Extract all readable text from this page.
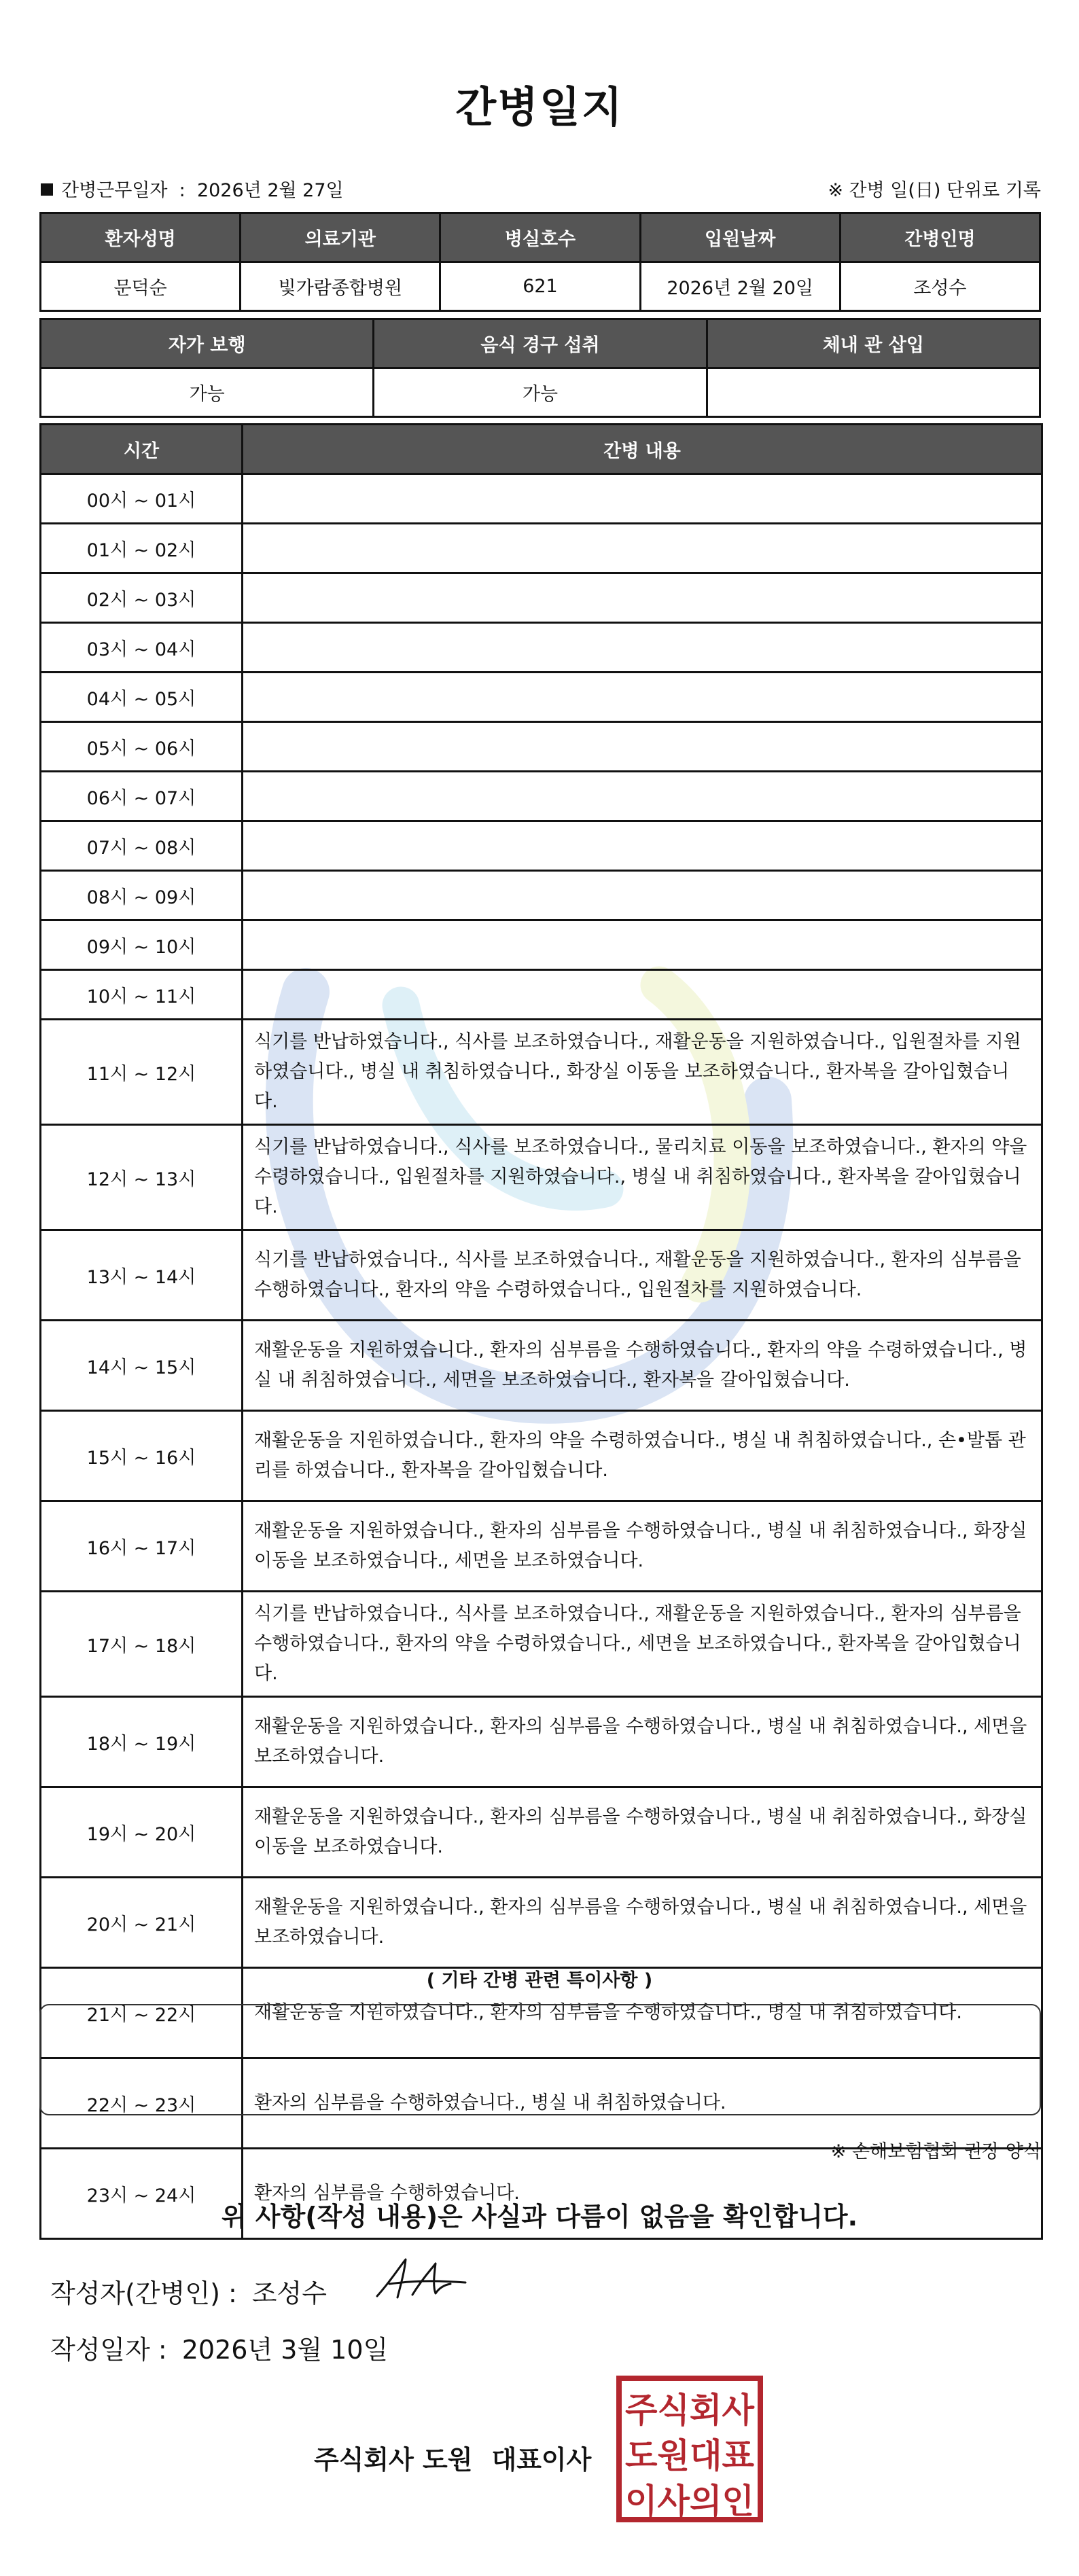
간병일지
간병근무일자  :  2026년 2월 27일	※ 간병 일(日) 단위로 기록
환자성명	의료기관	병실호수	입원날짜	간병인명
문덕순	빛가람종합병원	621	2026년 2월 20일	조성수
자가 보행	음식 경구 섭취	체내 관 삽입
가능	가능	
시간	간병 내용
00시 ~ 01시	
01시 ~ 02시	
02시 ~ 03시	
03시 ~ 04시	
04시 ~ 05시	
05시 ~ 06시	
06시 ~ 07시	
07시 ~ 08시	
08시 ~ 09시	
09시 ~ 10시	
10시 ~ 11시	
11시 ~ 12시	식기를 반납하였습니다., 식사를 보조하였습니다., 재활운동을 지원하였습니다., 입원절차를 지원하였습니다., 병실 내 취침하였습니다., 화장실 이동을 보조하였습니다., 환자복을 갈아입혔습니다.
12시 ~ 13시	식기를 반납하였습니다., 식사를 보조하였습니다., 물리치료 이동을 보조하였습니다., 환자의 약을 수령하였습니다., 입원절차를 지원하였습니다., 병실 내 취침하였습니다., 환자복을 갈아입혔습니다.
13시 ~ 14시	식기를 반납하였습니다., 식사를 보조하였습니다., 재활운동을 지원하였습니다., 환자의 심부름을 수행하였습니다., 환자의 약을 수령하였습니다., 입원절차를 지원하였습니다.
14시 ~ 15시	재활운동을 지원하였습니다., 환자의 심부름을 수행하였습니다., 환자의 약을 수령하였습니다., 병실 내 취침하였습니다., 세면을 보조하였습니다., 환자복을 갈아입혔습니다.
15시 ~ 16시	재활운동을 지원하였습니다., 환자의 약을 수령하였습니다., 병실 내 취침하였습니다., 손•발톱 관리를 하였습니다., 환자복을 갈아입혔습니다.
16시 ~ 17시	재활운동을 지원하였습니다., 환자의 심부름을 수행하였습니다., 병실 내 취침하였습니다., 화장실 이동을 보조하였습니다., 세면을 보조하였습니다.
17시 ~ 18시	식기를 반납하였습니다., 식사를 보조하였습니다., 재활운동을 지원하였습니다., 환자의 심부름을 수행하였습니다., 환자의 약을 수령하였습니다., 세면을 보조하였습니다., 환자복을 갈아입혔습니다.
18시 ~ 19시	재활운동을 지원하였습니다., 환자의 심부름을 수행하였습니다., 병실 내 취침하였습니다., 세면을 보조하였습니다.
19시 ~ 20시	재활운동을 지원하였습니다., 환자의 심부름을 수행하였습니다., 병실 내 취침하였습니다., 화장실 이동을 보조하였습니다.
20시 ~ 21시	재활운동을 지원하였습니다., 환자의 심부름을 수행하였습니다., 병실 내 취침하였습니다., 세면을 보조하였습니다.
21시 ~ 22시	재활운동을 지원하였습니다., 환자의 심부름을 수행하였습니다., 병실 내 취침하였습니다.
22시 ~ 23시	환자의 심부름을 수행하였습니다., 병실 내 취침하였습니다.
23시 ~ 24시	환자의 심부름을 수행하였습니다.
( 기타 간병 관련 특이사항 )
※ 손해보험협회 권장 양식
위 사항(작성 내용)은 사실과 다름이 없음을 확인합니다.
작성자(간병인) : 조성수
작성일자 : 2026년 3월 10일
주식회사 도원 대표이사
주식회사
도원대표
이사의인
